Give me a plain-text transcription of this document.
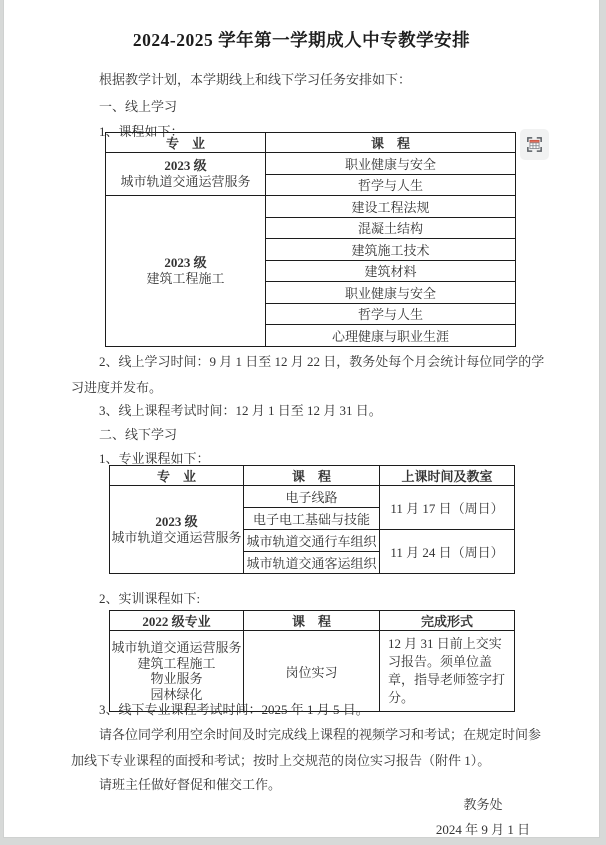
2024-2025 学年第一学期成人中专教学安排

根据教学计划，本学期线上和线下学习任务安排如下：

一、线上学习

1、课程如下：

专　业	课　程

2023 级
城市轨道交通运营服务	职业健康与安全
	哲学与人生

2023 级
建筑工程施工	建设工程法规
	混凝土结构
	建筑施工技术
	建筑材料
	职业健康与安全
	哲学与人生
	心理健康与职业生涯
2、线上学习时间：9 月 1 日至 12 月 22 日，教务处每个月会统计每位同学的学
习进度并发布。

3、线上课程考试时间：12 月 1 日至 12 月 31 日。

二、线下学习

1、专业课程如下：

专　业	课　程	上课时间及教室

2023 级
城市轨道交通运营服务	电子线路	11 月 17 日（周日）
	电子电工基础与技能	
	城市轨道交通行车组织	11 月 24 日（周日）
	城市轨道交通客运组织	

2、实训课程如下:

2022 级专业	课　程	完成形式

城市轨道交通运营服务
建筑工程施工
物业服务
园林绿化	岗位实习	12 月 31 日前上交实习报告。须单位盖章，指导老师签字打分。

3、线下专业课程考试时间：2025 年 1 月 5 日。

请各位同学利用空余时间及时完成线上课程的视频学习和考试；在规定时间参
加线下专业课程的面授和考试；按时上交规范的岗位实习报告（附件 1）。

请班主任做好督促和催交工作。

教务处

2024 年 9 月 1 日
